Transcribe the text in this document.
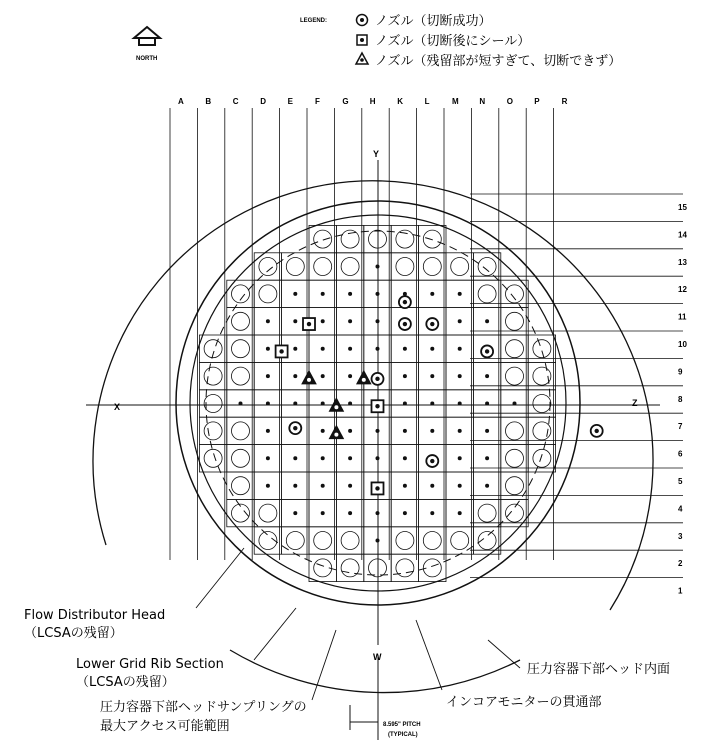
NORTH
LEGEND:	ノズル（切断成功）
ノズル（切断後にシール）
ノズル（残留部が短すぎて、切断できず）
A	B	C	D	E	F	G	H	K	L	M	N	O	P	R
15
14
13
12
11
10
9
8
7
6
5
4
3
2
1
Y
X	Z
W
8.595" PITCH
(TYPICAL)
Flow Distributor Head
（LCSAの残留）
Lower Grid Rib Section
（LCSAの残留）
圧力容器下部ヘッドサンプリングの
最大アクセス可能範囲
インコアモニターの貫通部
圧力容器下部ヘッド内面
